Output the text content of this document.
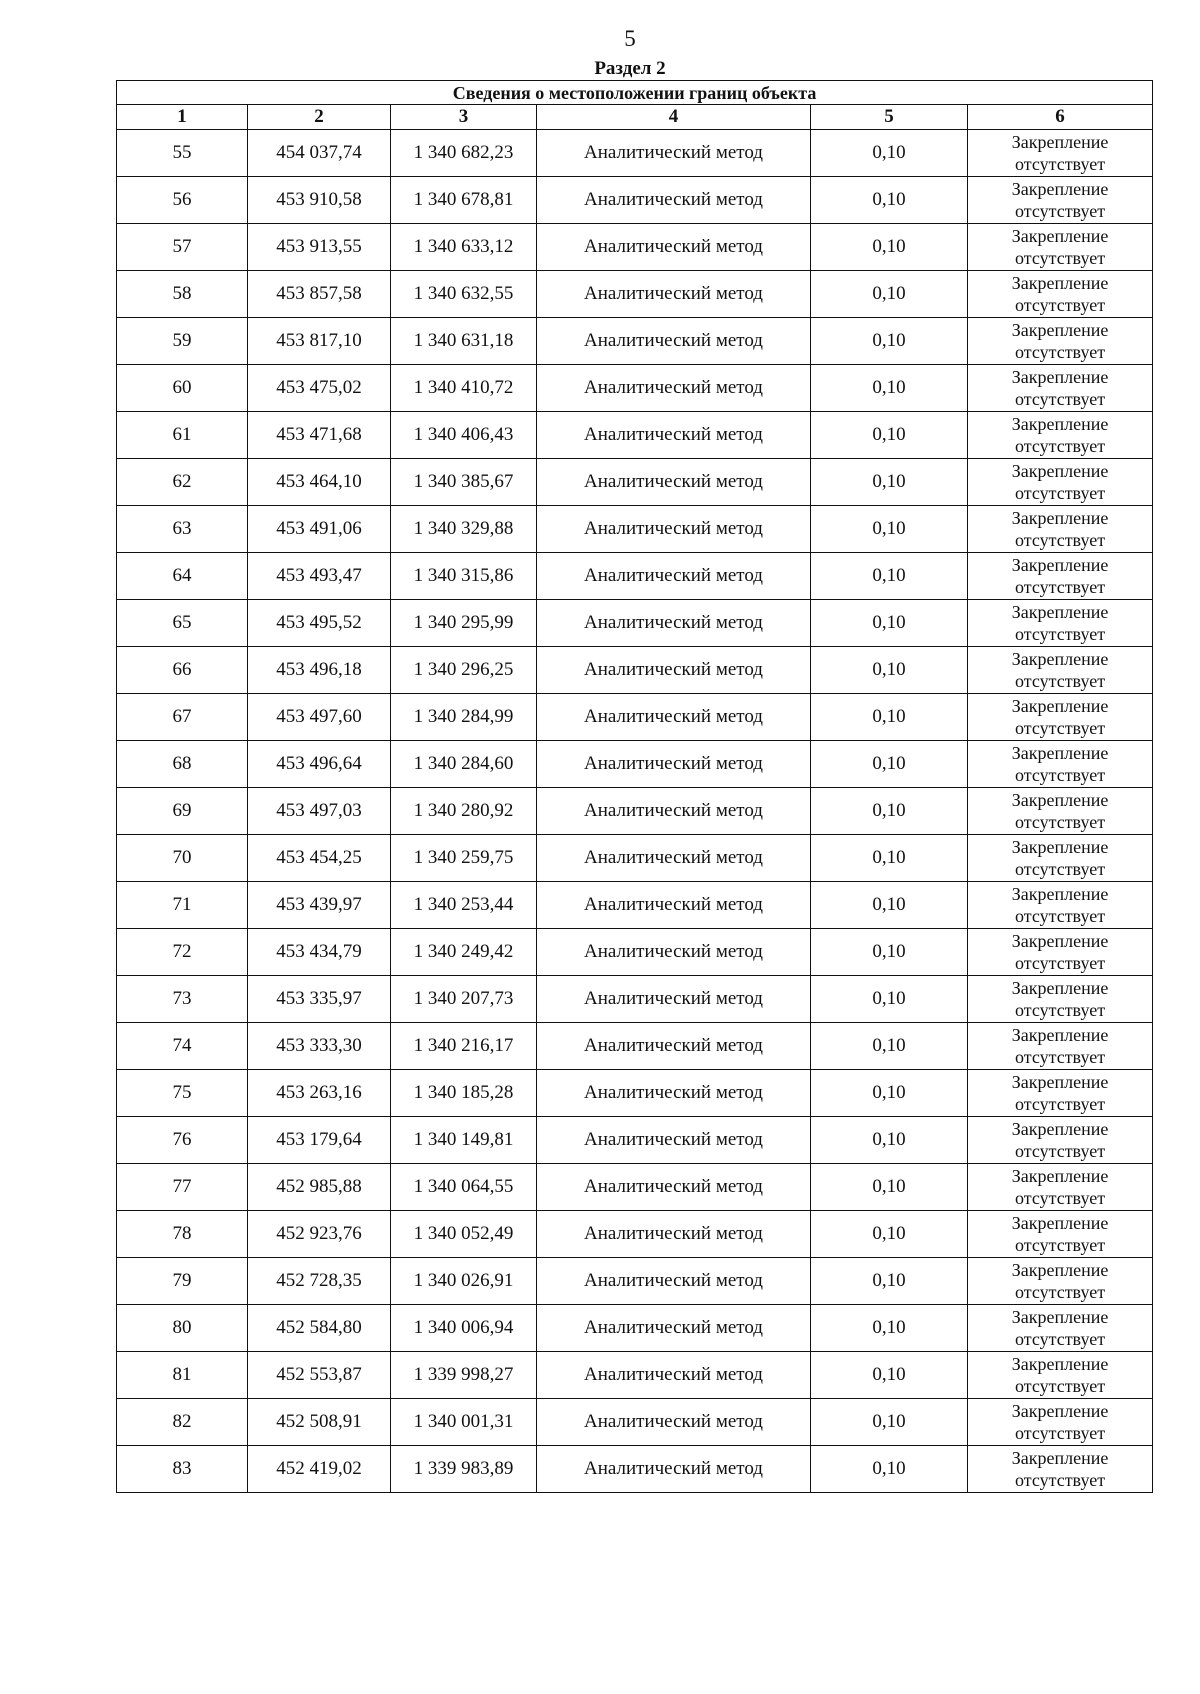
5
Раздел 2
Сведения о местоположении границ объекта					
1	2	3	4	5	6
55	454 037,74	1 340 682,23	Аналитический метод	0,10	Закрепление
отсутствует

56	453 910,58	1 340 678,81	Аналитический метод	0,10	Закрепление
отсутствует

57	453 913,55	1 340 633,12	Аналитический метод	0,10	Закрепление
отсутствует

58	453 857,58	1 340 632,55	Аналитический метод	0,10	Закрепление
отсутствует

59	453 817,10	1 340 631,18	Аналитический метод	0,10	Закрепление
отсутствует

60	453 475,02	1 340 410,72	Аналитический метод	0,10	Закрепление
отсутствует

61	453 471,68	1 340 406,43	Аналитический метод	0,10	Закрепление
отсутствует

62	453 464,10	1 340 385,67	Аналитический метод	0,10	Закрепление
отсутствует

63	453 491,06	1 340 329,88	Аналитический метод	0,10	Закрепление
отсутствует

64	453 493,47	1 340 315,86	Аналитический метод	0,10	Закрепление
отсутствует

65	453 495,52	1 340 295,99	Аналитический метод	0,10	Закрепление
отсутствует

66	453 496,18	1 340 296,25	Аналитический метод	0,10	Закрепление
отсутствует

67	453 497,60	1 340 284,99	Аналитический метод	0,10	Закрепление
отсутствует

68	453 496,64	1 340 284,60	Аналитический метод	0,10	Закрепление
отсутствует

69	453 497,03	1 340 280,92	Аналитический метод	0,10	Закрепление
отсутствует

70	453 454,25	1 340 259,75	Аналитический метод	0,10	Закрепление
отсутствует

71	453 439,97	1 340 253,44	Аналитический метод	0,10	Закрепление
отсутствует

72	453 434,79	1 340 249,42	Аналитический метод	0,10	Закрепление
отсутствует

73	453 335,97	1 340 207,73	Аналитический метод	0,10	Закрепление
отсутствует

74	453 333,30	1 340 216,17	Аналитический метод	0,10	Закрепление
отсутствует

75	453 263,16	1 340 185,28	Аналитический метод	0,10	Закрепление
отсутствует

76	453 179,64	1 340 149,81	Аналитический метод	0,10	Закрепление
отсутствует

77	452 985,88	1 340 064,55	Аналитический метод	0,10	Закрепление
отсутствует

78	452 923,76	1 340 052,49	Аналитический метод	0,10	Закрепление
отсутствует

79	452 728,35	1 340 026,91	Аналитический метод	0,10	Закрепление
отсутствует

80	452 584,80	1 340 006,94	Аналитический метод	0,10	Закрепление
отсутствует

81	452 553,87	1 339 998,27	Аналитический метод	0,10	Закрепление
отсутствует

82	452 508,91	1 340 001,31	Аналитический метод	0,10	Закрепление
отсутствует

83	452 419,02	1 339 983,89	Аналитический метод	0,10	Закрепление
отсутствует
